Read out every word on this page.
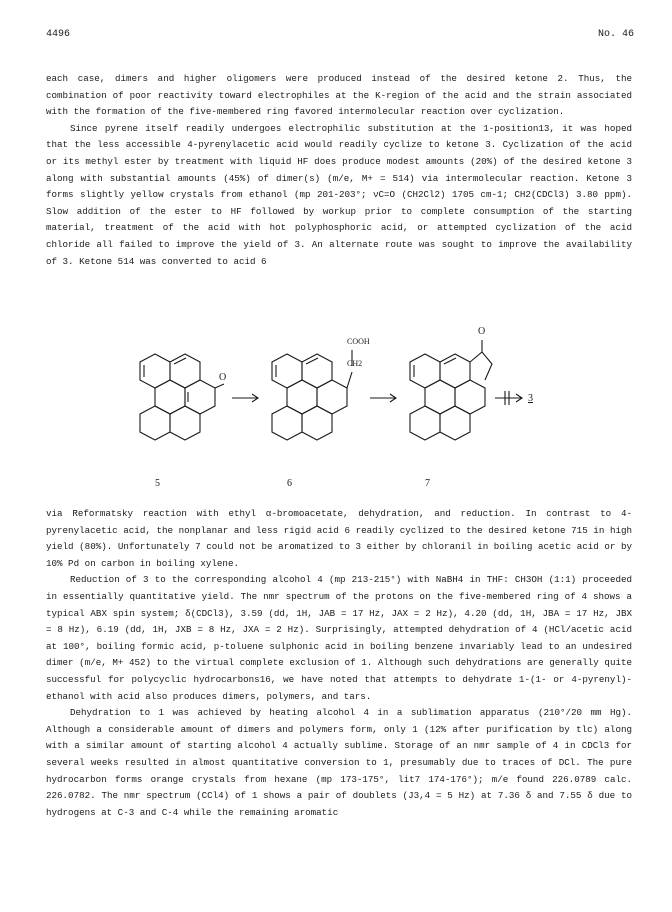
4496	No. 46

each case, dimers and higher oligomers were produced instead of the desired ketone 2. Thus, the combination of poor reactivity toward electrophiles at the K-region of the acid and the strain associated with the formation of the five-membered ring favored intermolecular reaction over cyclization.

Since pyrene itself readily undergoes electrophilic substitution at the 1-position13, it was hoped that the less accessible 4-pyrenylacetic acid would readily cyclize to ketone 3. Cyclization of the acid or its methyl ester by treatment with liquid HF does produce modest amounts (20%) of the desired ketone 3 along with substantial amounts (45%) of dimer(s) (m/e, M+ = 514) via intermolecular reaction. Ketone 3 forms slightly yellow crystals from ethanol (mp 201-203°; νC=O (CH2Cl2) 1705 cm-1; CH2(CDCl3) 3.80 ppm). Slow addition of the ester to HF followed by workup prior to complete consumption of the starting material, treatment of the acid with hot polyphosphoric acid, or attempted cyclization of the acid chloride all failed to improve the yield of 3. An alternate route was sought to improve the availability of 3. Ketone 514 was converted to acid 6

O
COOH
CH2
O
3
5	6	7

via Reformatsky reaction with ethyl α-bromoacetate, dehydration, and reduction. In contrast to 4-pyrenylacetic acid, the nonplanar and less rigid acid 6 readily cyclized to the desired ketone 715 in high yield (80%). Unfortunately 7 could not be aromatized to 3 either by chloranil in boiling acetic acid or by 10% Pd on carbon in boiling xylene.

Reduction of 3 to the corresponding alcohol 4 (mp 213-215°) with NaBH4 in THF: CH3OH (1:1) proceeded in essentially quantitative yield. The nmr spectrum of the protons on the five-membered ring of 4 shows a typical ABX spin system; δ(CDCl3), 3.59 (dd, 1H, JAB = 17 Hz, JAX = 2 Hz), 4.20 (dd, 1H, JBA = 17 Hz, JBX = 8 Hz), 6.19 (dd, 1H, JXB = 8 Hz, JXA = 2 Hz). Surprisingly, attempted dehydration of 4 (HCl/acetic acid at 100°, boiling formic acid, p-toluene sulphonic acid in boiling benzene invariably lead to an undesired dimer (m/e, M+ 452) to the virtual complete exclusion of 1. Although such dehydrations are generally quite successful for polycyclic hydrocarbons16, we have noted that attempts to dehydrate 1-(1- or 4-pyrenyl)-ethanol with acid also produces dimers, polymers, and tars.

Dehydration to 1 was achieved by heating alcohol 4 in a sublimation apparatus (210°/20 mm Hg). Although a considerable amount of dimers and polymers form, only 1 (12% after purification by tlc) along with a similar amount of starting alcohol 4 actually sublime. Storage of an nmr sample of 4 in CDCl3 for several weeks resulted in almost quantitative conversion to 1, presumably due to traces of DCl. The pure hydrocarbon forms orange crystals from hexane (mp 173-175°, lit7 174-176°); m/e found 226.0789 calc. 226.0782. The nmr spectrum (CCl4) of 1 shows a pair of doublets (J3,4 = 5 Hz) at 7.36 δ and 7.55 δ due to hydrogens at C-3 and C-4 while the remaining aromatic
